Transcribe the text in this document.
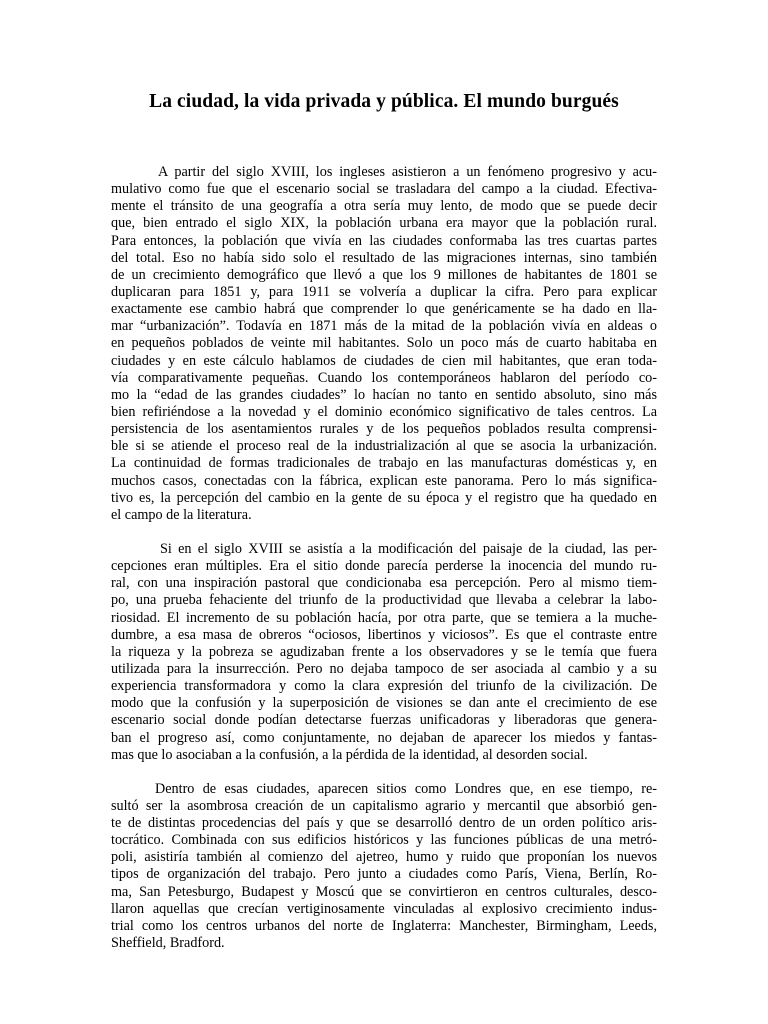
La ciudad, la vida privada y pública. El mundo burgués
A partir del siglo XVIII, los ingleses asistieron a un fenómeno progresivo y acu-
mulativo como fue que el escenario social se trasladara del campo a la ciudad. Efectiva-
mente el tránsito de una geografía a otra sería muy lento, de modo que se puede decir
que, bien entrado el siglo XIX, la población urbana era mayor que la población rural.
Para entonces, la población que vivía en las ciudades conformaba las tres cuartas partes
del total. Eso no había sido solo el resultado de las migraciones internas, sino también
de un crecimiento demográfico que llevó a que los 9 millones de habitantes de 1801 se
duplicaran para 1851 y, para 1911 se volvería a duplicar la cifra. Pero para explicar
exactamente ese cambio habrá que comprender lo que genéricamente se ha dado en lla-
mar “urbanización”. Todavía en 1871 más de la mitad de la población vivía en aldeas o
en pequeños poblados de veinte mil habitantes. Solo un poco más de cuarto habitaba en
ciudades y en este cálculo hablamos de ciudades de cien mil habitantes, que eran toda-
vía comparativamente pequeñas. Cuando los contemporáneos hablaron del período co-
mo la “edad de las grandes ciudades” lo hacían no tanto en sentido absoluto, sino más
bien refiriéndose a la novedad y el dominio económico significativo de tales centros. La
persistencia de los asentamientos rurales y de los pequeños poblados resulta comprensi-
ble si se atiende el proceso real de la industrialización al que se asocia la urbanización.
La continuidad de formas tradicionales de trabajo en las manufacturas domésticas y, en
muchos casos, conectadas con la fábrica, explican este panorama. Pero lo más significa-
tivo es, la percepción del cambio en la gente de su época y el registro que ha quedado en
el campo de la literatura.
Si en el siglo XVIII se asistía a la modificación del paisaje de la ciudad, las per-
cepciones eran múltiples. Era el sitio donde parecía perderse la inocencia del mundo ru-
ral, con una inspiración pastoral que condicionaba esa percepción. Pero al mismo tiem-
po, una prueba fehaciente del triunfo de la productividad que llevaba a celebrar la labo-
riosidad. El incremento de su población hacía, por otra parte, que se temiera a la muche-
dumbre, a esa masa de obreros “ociosos, libertinos y viciosos”. Es que el contraste entre
la riqueza y la pobreza se agudizaban frente a los observadores y se le temía que fuera
utilizada para la insurrección. Pero no dejaba tampoco de ser asociada al cambio y a su
experiencia transformadora y como la clara expresión del triunfo de la civilización. De
modo que la confusión y la superposición de visiones se dan ante el crecimiento de ese
escenario social donde podían detectarse fuerzas unificadoras y liberadoras que genera-
ban el progreso así, como conjuntamente, no dejaban de aparecer los miedos y fantas-
mas que lo asociaban a la confusión, a la pérdida de la identidad, al desorden social.
Dentro de esas ciudades, aparecen sitios como Londres que, en ese tiempo, re-
sultó ser la asombrosa creación de un capitalismo agrario y mercantil que absorbió gen-
te de distintas procedencias del país y que se desarrolló dentro de un orden político aris-
tocrático. Combinada con sus edificios históricos y las funciones públicas de una metró-
poli, asistiría también al comienzo del ajetreo, humo y ruido que proponían los nuevos
tipos de organización del trabajo. Pero junto a ciudades como París, Viena, Berlín, Ro-
ma, San Petesburgo, Budapest y Moscú que se convirtieron en centros culturales, desco-
llaron aquellas que crecían vertiginosamente vinculadas al explosivo crecimiento indus-
trial como los centros urbanos del norte de Inglaterra: Manchester, Birmingham, Leeds,
Sheffield, Bradford.
